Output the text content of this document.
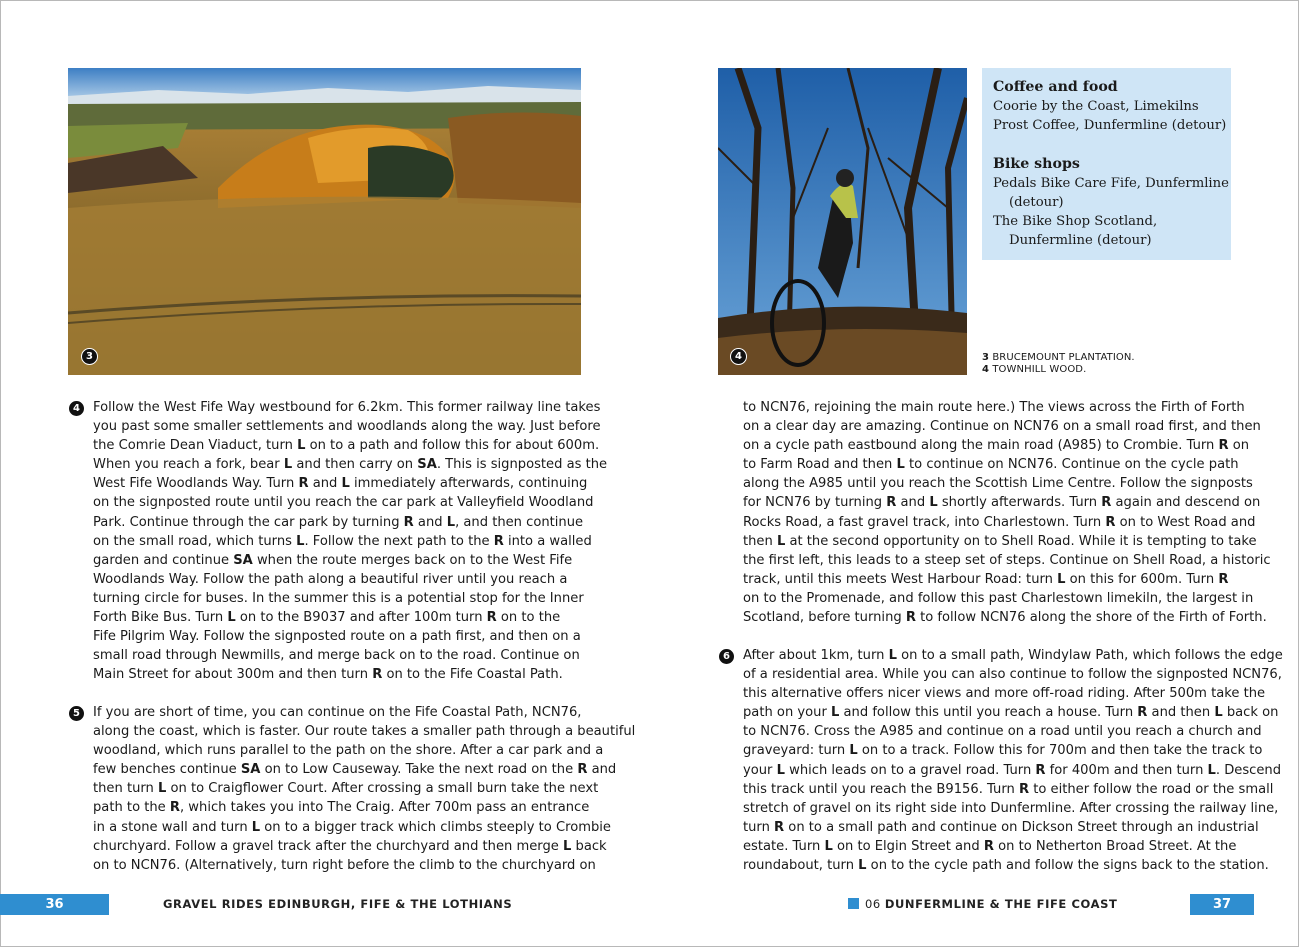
3	4
Coffee and food
Coorie by the Coast, Limekilns
Prost Coffee, Dunfermline (detour)
Bike shops
Pedals Bike Care Fife, Dunfermline
(detour)
The Bike Shop Scotland,
Dunfermline (detour)
3 BRUCEMOUNT PLANTATION.
4 TOWNHILL WOOD.
4
5
6
Follow the West Fife Way westbound for 6.2km. This former railway line takes
you past some smaller settlements and woodlands along the way. Just before
the Comrie Dean Viaduct, turn L on to a path and follow this for about 600m.
When you reach a fork, bear L and then carry on SA. This is signposted as the
West Fife Woodlands Way. Turn R and L immediately afterwards, continuing
on the signposted route until you reach the car park at Valleyfield Woodland
Park. Continue through the car park by turning R and L, and then continue
on the small road, which turns L. Follow the next path to the R into a walled
garden and continue SA when the route merges back on to the West Fife
Woodlands Way. Follow the path along a beautiful river until you reach a
turning circle for buses. In the summer this is a potential stop for the Inner
Forth Bike Bus. Turn L on to the B9037 and after 100m turn R on to the
Fife Pilgrim Way. Follow the signposted route on a path first, and then on a
small road through Newmills, and merge back on to the road. Continue on
Main Street for about 300m and then turn R on to the Fife Coastal Path.
If you are short of time, you can continue on the Fife Coastal Path, NCN76,
along the coast, which is faster. Our route takes a smaller path through a beautiful
woodland, which runs parallel to the path on the shore. After a car park and a
few benches continue SA on to Low Causeway. Take the next road on the R and
then turn L on to Craigflower Court. After crossing a small burn take the next
path to the R, which takes you into The Craig. After 700m pass an entrance
in a stone wall and turn L on to a bigger track which climbs steeply to Crombie
churchyard. Follow a gravel track after the churchyard and then merge L back
on to NCN76. (Alternatively, turn right before the climb to the churchyard on
to NCN76, rejoining the main route here.) The views across the Firth of Forth
on a clear day are amazing. Continue on NCN76 on a small road first, and then
on a cycle path eastbound along the main road (A985) to Crombie. Turn R on
to Farm Road and then L to continue on NCN76. Continue on the cycle path
along the A985 until you reach the Scottish Lime Centre. Follow the signposts
for NCN76 by turning R and L shortly afterwards. Turn R again and descend on
Rocks Road, a fast gravel track, into Charlestown. Turn R on to West Road and
then L at the second opportunity on to Shell Road. While it is tempting to take
the first left, this leads to a steep set of steps. Continue on Shell Road, a historic
track, until this meets West Harbour Road: turn L on this for 600m. Turn R
on to the Promenade, and follow this past Charlestown limekiln, the largest in
Scotland, before turning R to follow NCN76 along the shore of the Firth of Forth.
After about 1km, turn L on to a small path, Windylaw Path, which follows the edge
of a residential area. While you can also continue to follow the signposted NCN76,
this alternative offers nicer views and more off-road riding. After 500m take the
path on your L and follow this until you reach a house. Turn R and then L back on
to NCN76. Cross the A985 and continue on a road until you reach a church and
graveyard: turn L on to a track. Follow this for 700m and then take the track to
your L which leads on to a gravel road. Turn R for 400m and then turn L. Descend
this track until you reach the B9156. Turn R to either follow the road or the small
stretch of gravel on its right side into Dunfermline. After crossing the railway line,
turn R on to a small path and continue on Dickson Street through an industrial
estate. Turn L on to Elgin Street and R on to Netherton Broad Street. At the
roundabout, turn L on to the cycle path and follow the signs back to the station.
36	GRAVEL RIDES EDINBURGH, FIFE & THE LOTHIANS	06 DUNFERMLINE & THE FIFE COAST	37
